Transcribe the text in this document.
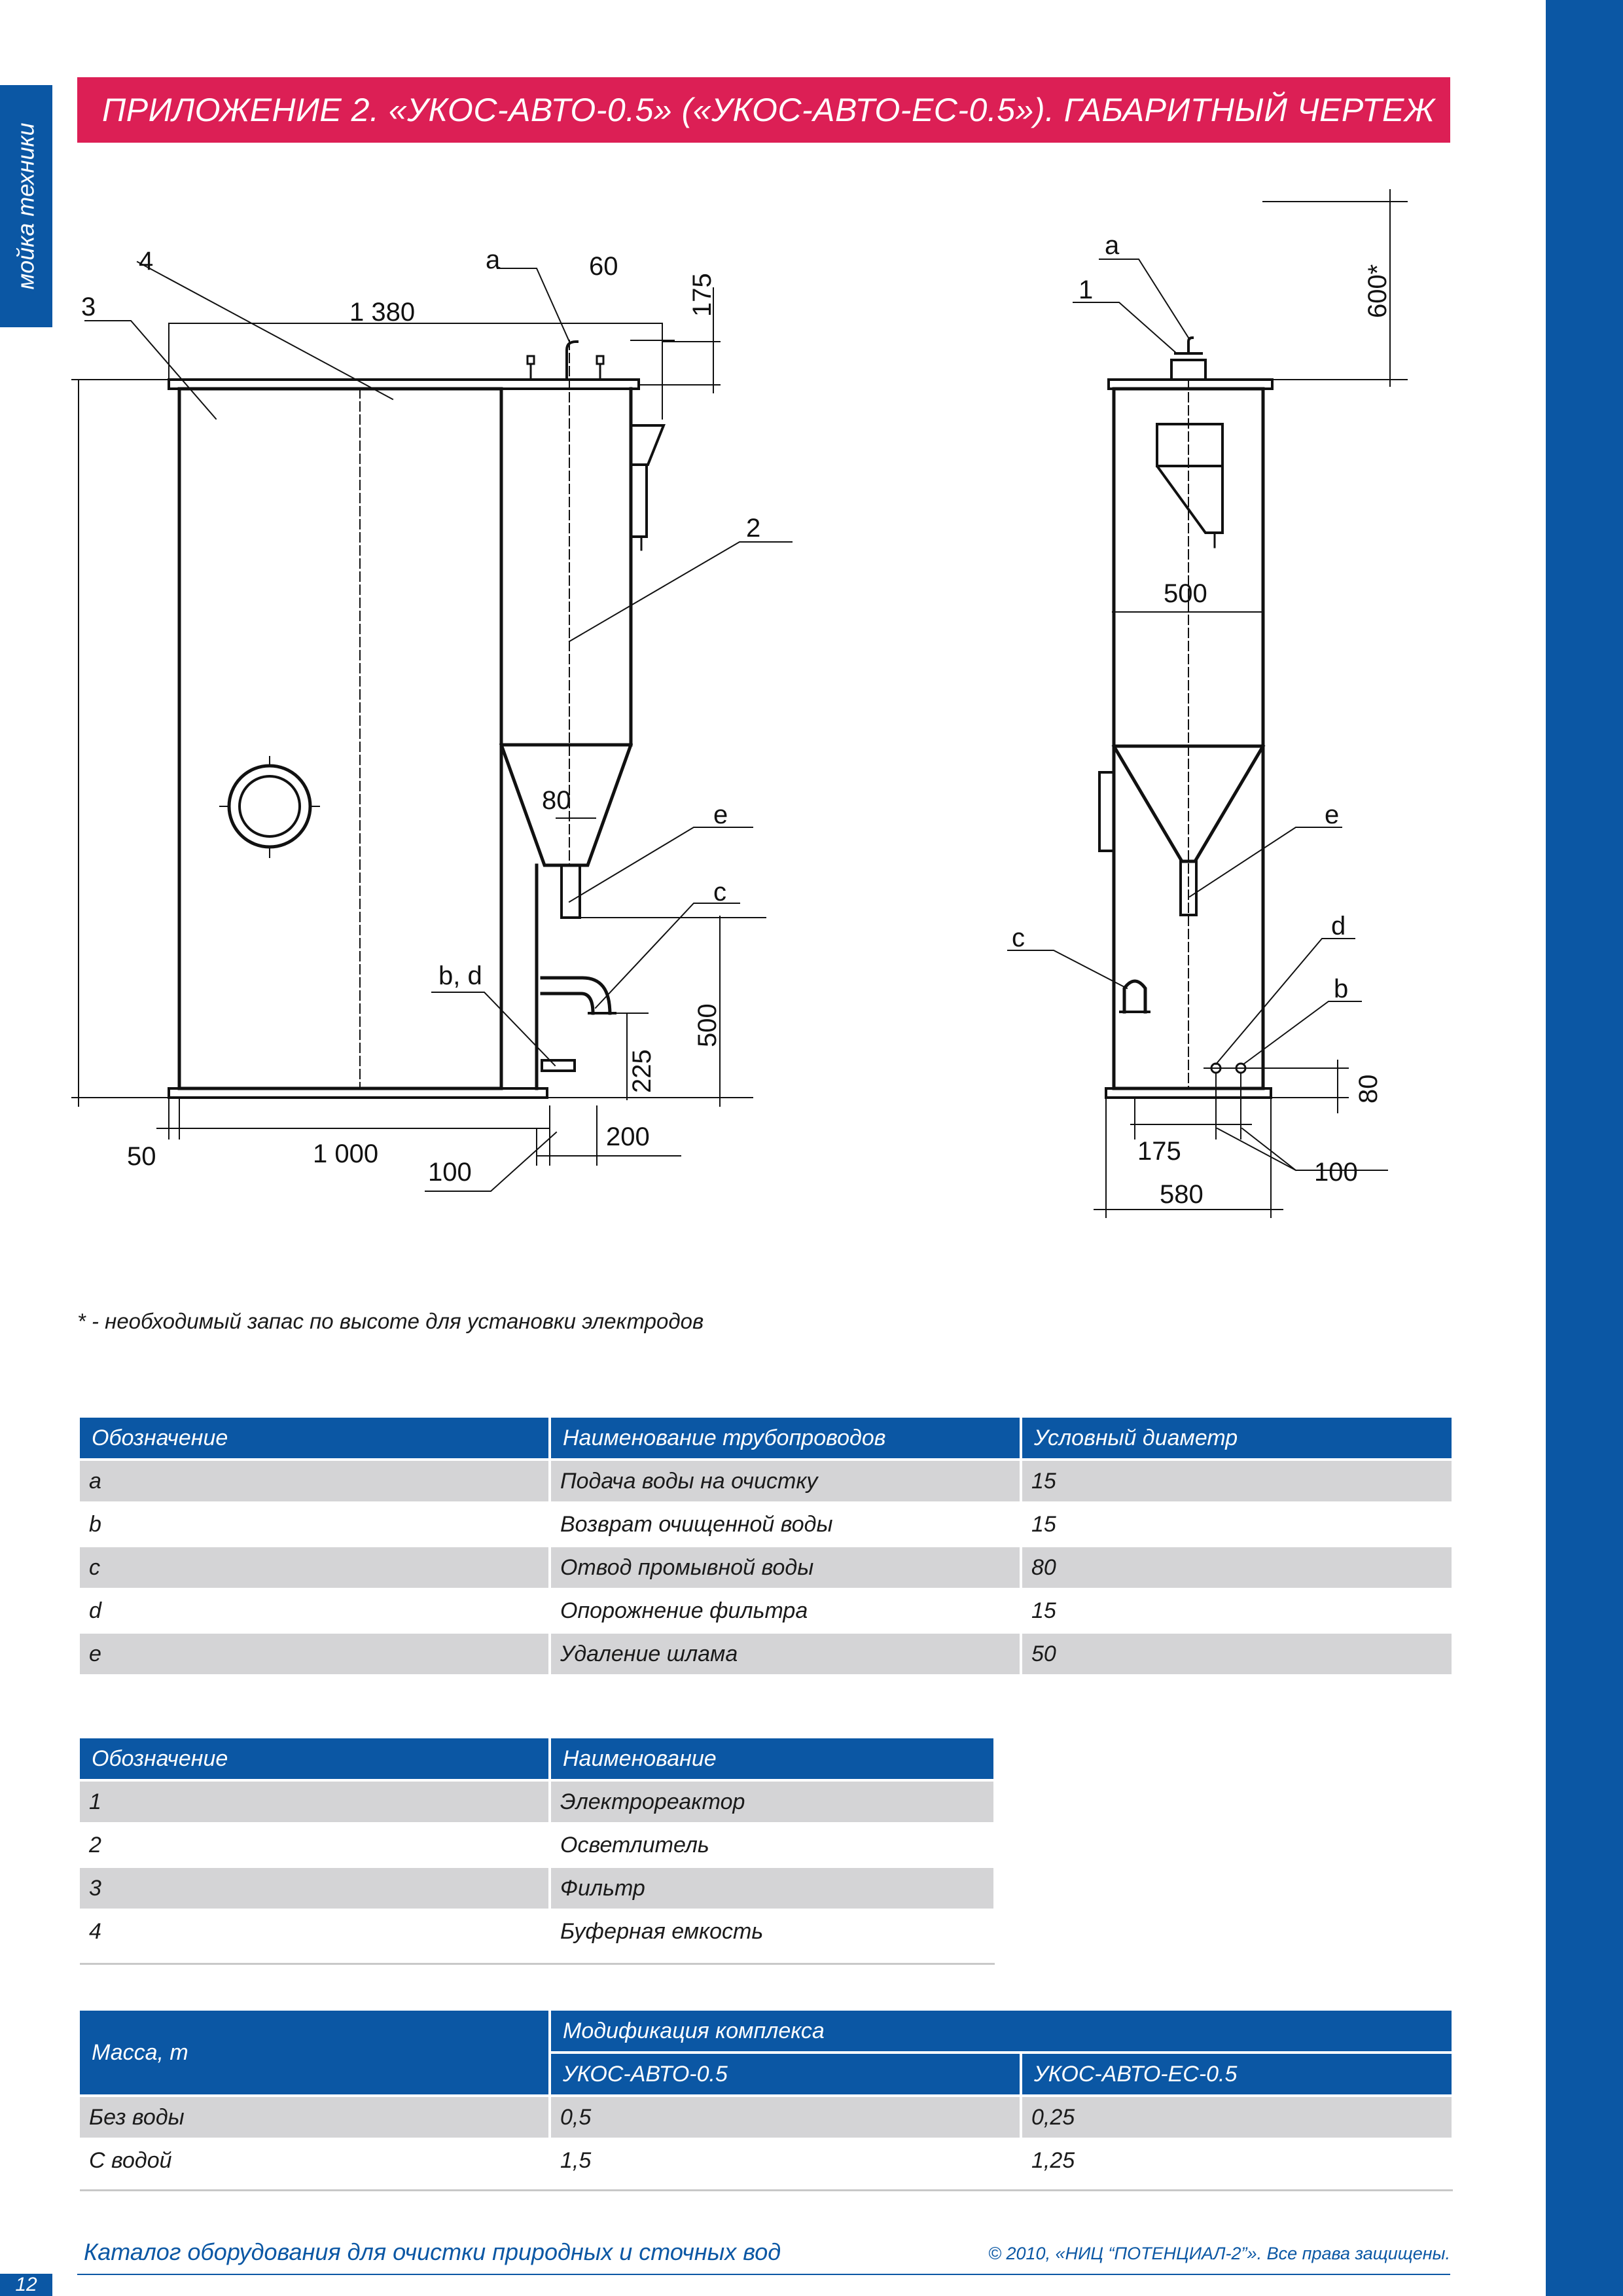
мойка техники
ПРИЛОЖЕНИЕ 2. «УКОС-АВТО-0.5» («УКОС-АВТО-ЕС-0.5»). ГАБАРИТНЫЙ ЧЕРТЕЖ
4
3
a	60
175
1 380
2
80	e
c
b, d
500
225
50	1 000
200
100
a
1	600*
500
e
c	d
b
80
175
100
580
* - необходимый запас по высоте для установки электродов
Обозначение	Наименование трубопроводов	Условный диаметр
a	Подача воды на очистку	15
b	Возврат очищенной воды	15
c	Отвод промывной воды	80
d	Опорожнение фильтра	15
e	Удаление шлама	50
Обозначение	Наименование
1	Электрореактор
2	Осветлитель
3	Фильтр
4	Буферная емкость
Масса, т	Модификация комплекса	
	УКОС-АВТО-0.5	УКОС-АВТО-ЕС-0.5
Без воды	0,5	0,25
С водой	1,5	1,25
Каталог оборудования для очистки природных и сточных вод	© 2010, «НИЦ “ПОТЕНЦИАЛ-2”». Все права защищены.
12
